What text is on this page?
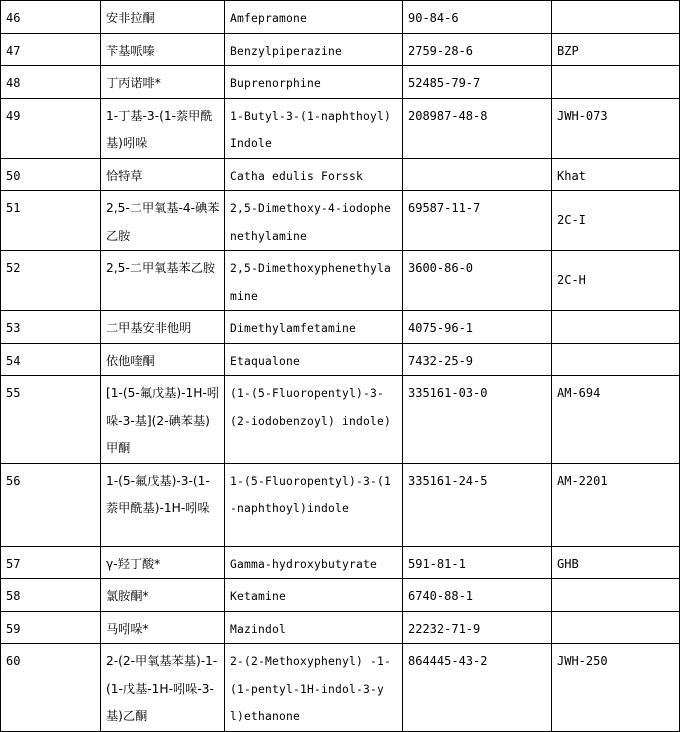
46	安非拉酮	Amfepramone	90-84-6	
47	苄基哌嗪	Benzylpiperazine	2759-28-6	BZP
48	丁丙诺啡*	Buprenorphine	52485-79-7	
49	1-丁基-3-(1-萘甲酰基)吲哚	1-Butyl-3-(1-naphthoyl)Indole	208987-48-8	JWH-073
50	恰特草	Catha edulis Forssk		Khat
51	2,5-二甲氧基-4-碘苯乙胺	2,5-Dimethoxy-4-iodophenethylamine	69587-11-7	2C-I
52	2,5-二甲氧基苯乙胺	2,5-Dimethoxyphenethylamine	3600-86-0	2C-H
53	二甲基安非他明	Dimethylamfetamine	4075-96-1	
54	依他喹酮	Etaqualone	7432-25-9	
55	[1-(5-氟戊基)-1H-吲哚-3-基](2-碘苯基)甲酮	(1-(5-Fluoropentyl)-3-(2-iodobenzoyl) indole)	335161-03-0	AM-694
56	1-(5-氟戊基)-3-(1-萘甲酰基)-1H-吲哚	1-(5-Fluoropentyl)-3-(1-naphthoyl)indole	335161-24-5	AM-2201
57	γ-羟丁酸*	Gamma-hydroxybutyrate	591-81-1	GHB
58	氯胺酮*	Ketamine	6740-88-1	
59	马吲哚*	Mazindol	22232-71-9	
60	2-(2-甲氧基苯基)-1-(1-戊基-1H-吲哚-3-基)乙酮	2-(2-Methoxyphenyl) -1-(1-pentyl-1H-indol-3-yl)ethanone	864445-43-2	JWH-250
